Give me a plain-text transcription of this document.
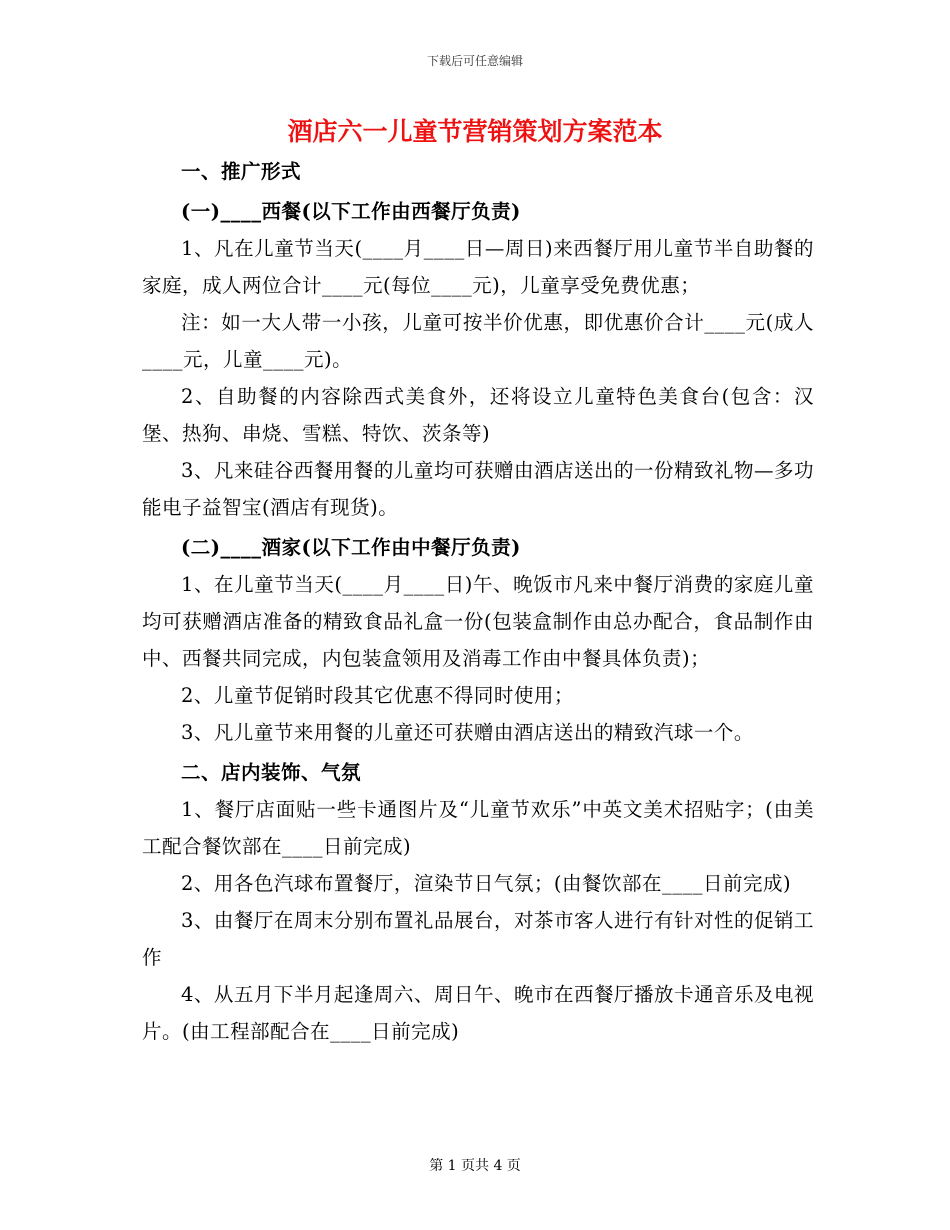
下载后可任意编辑
酒店六一儿童节营销策划方案范本

一、推广形式

(一)____西餐(以下工作由西餐厅负责)

1、凡在儿童节当天(____月____日—周日)来西餐厅用儿童节半自助餐的家庭，成人两位合计____元(每位____元)，儿童享受免费优惠；

注：如一大人带一小孩，儿童可按半价优惠，即优惠价合计____元(成人____元，儿童____元)。

2、自助餐的内容除西式美食外，还将设立儿童特色美食台(包含：汉堡、热狗、串烧、雪糕、特饮、茨条等)

3、凡来硅谷西餐用餐的儿童均可获赠由酒店送出的一份精致礼物—多功能电子益智宝(酒店有现货)。

(二)____酒家(以下工作由中餐厅负责)

1、在儿童节当天(____月____日)午、晚饭市凡来中餐厅消费的家庭儿童均可获赠酒店准备的精致食品礼盒一份(包装盒制作由总办配合，食品制作由中、西餐共同完成，内包装盒领用及消毒工作由中餐具体负责)；

2、儿童节促销时段其它优惠不得同时使用；

3、凡儿童节来用餐的儿童还可获赠由酒店送出的精致汽球一个。

二、店内装饰、气氛

1、餐厅店面贴一些卡通图片及“儿童节欢乐”中英文美术招贴字；(由美工配合餐饮部在____日前完成)

2、用各色汽球布置餐厅，渲染节日气氛；(由餐饮部在____日前完成)

3、由餐厅在周末分别布置礼品展台，对茶市客人进行有针对性的促销工作

4、从五月下半月起逢周六、周日午、晚市在西餐厅播放卡通音乐及电视片。(由工程部配合在____日前完成)

第 1 页共 4 页
